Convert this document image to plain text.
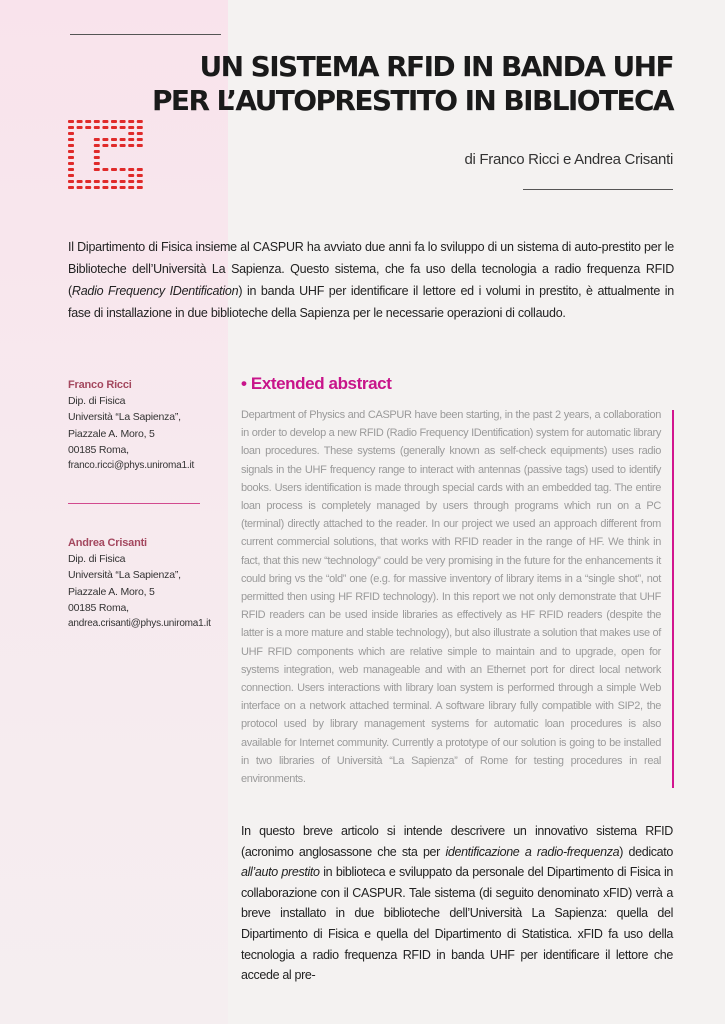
UN SISTEMA RFID IN BANDA UHF
PER L’AUTOPRESTITO IN BIBLIOTECA
di Franco Ricci e Andrea Crisanti

Il Dipartimento di Fisica insieme al CASPUR ha avviato due anni fa lo sviluppo di un sistema di auto-prestito per le Biblioteche dell’Università La Sapienza. Questo sistema, che fa uso della tecnologia a radio frequenza RFID (Radio Frequency IDentification) in banda UHF per identificare il lettore ed i volumi in prestito, è attualmente in fase di installazione in due biblioteche della Sapienza per le necessarie operazioni di collaudo.

Franco Ricci
Dip. di Fisica
Università “La Sapienza”,
Piazzale A. Moro, 5
00185 Roma,
franco.ricci@phys.uniroma1.it
Andrea Crisanti
Dip. di Fisica
Università “La Sapienza”,
Piazzale A. Moro, 5
00185 Roma,
andrea.crisanti@phys.uniroma1.it
• Extended abstract

Department of Physics and CASPUR have been starting, in the past 2 years, a collaboration in order to develop a new RFID (Radio Frequency IDentification) system for automatic library loan procedures. These systems (generally known as self-check equipments) uses radio signals in the UHF frequency range to interact with antennas (passive tags) used to identify books. Users identification is made through special cards with an embedded tag. The entire loan process is completely managed by users through programs which run on a PC (terminal) directly attached to the reader. In our project we used an approach different from current commercial solutions, that works with RFID reader in the range of HF. We think in fact, that this new “technology” could be very promising in the future for the enhancements it could bring vs the “old” one (e.g. for massive inventory of library items in a “single shot”, not permitted then using HF RFID technology). In this report we not only demonstrate that UHF RFID readers can be used inside libraries as effectively as HF RFID readers (despite the latter is a more mature and stable technology), but also illustrate a solution that makes use of UHF RFID components which are relative simple to maintain and to upgrade, open for systems integration, web manageable and with an Ethernet port for direct local network connection. Users interactions with library loan system is performed through a simple Web interface on a network attached terminal. A software library fully compatible with SIP2, the protocol used by library management systems for automatic loan procedures is also available for Internet community. Currently a prototype of our solution is going to be installed in two libraries of Università “La Sapienza” of Rome for testing procedures in real environments.

In questo breve articolo si intende descrivere un innovativo sistema RFID (acronimo anglosassone che sta per identificazione a radio-frequenza) dedicato all’auto prestito in biblioteca e sviluppato da personale del Dipartimento di Fisica in collaborazione con il CASPUR. Tale sistema (di seguito denominato xFID) verrà a breve installato in due biblioteche dell’Università La Sapienza: quella del Dipartimento di Fisica e quella del Dipartimento di Statistica. xFID fa uso della tecnologia a radio frequenza RFID in banda UHF per identificare il lettore che accede al pre-
